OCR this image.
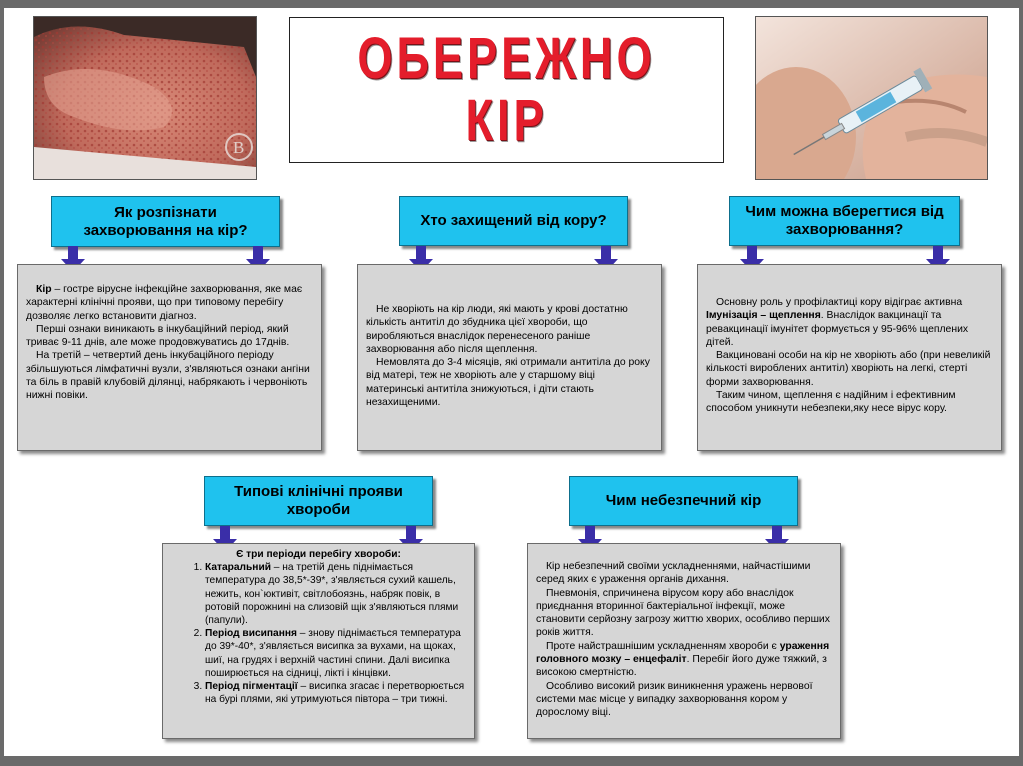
B
ОБЕРЕЖНО
КІР
Як розпізнати захворювання на кір?
Хто захищений від кору?
Чим можна вберегтися від захворювання?
Типові клінічні прояви хвороби
Чим небезпечний кір

Кір – гостре вірусне інфекційне захворювання, яке має характерні клінічні прояви, що при типовому перебігу дозволяє легко встановити діагноз.

Перші ознаки виникають в інкубаційний період, який триває 9-11 днів, але може продовжуватись до 17днів.

На третій – четвертий день інкубаційного періоду збільшуються лімфатичні вузли, з'являються ознаки ангіни та біль в правій клубовій ділянці, набрякають і червоніють нижні повіки.

Не хворіють на кір люди, які мають у крові достатню кількість антитіл до збудника цієї хвороби, що виробляються внаслідок перенесеного раніше захворювання або після щеплення.

Немовлята до 3-4 місяців, які отримали антитіла до року від матері, теж не хворіють але у старшому віці материнські антитіла знижуються, і діти стають незахищеними.

Основну роль у профілактиці кору відіграє активна Імунізація – щеплення. Внаслідок вакцинації та ревакцинації імунітет формується у 95-96% щеплених дітей.

Вакциновані особи на кір не хворіють або (при невеликій кількості вироблених антитіл) хворіють на легкі, стерті форми захворювання.

Таким чином, щеплення є надійним і ефективним способом уникнути небезпеки,яку несе вірус кору.

Є три періоди перебігу хвороби:
1. Катаральний – на третій день піднімається температура до 38,5*-39*, з'являється сухий кашель, нежить, кон`юктивіт, світлобоязнь, набряк повік, в ротовій порожнині на слизовій щік з'являються плями (папули).
2. Період висипання – знову піднімається температура до 39*-40*, з'являється висипка за вухами, на щоках, шиї, на грудях і верхній частині спини. Далі висипка поширюється на сідниці, лікті і кінцівки.
3. Період пігментації – висипка згасає і перетворюється на бурі плями, які утримуються півтора – три тижні.

Кір небезпечний своїми ускладненнями, найчастішими серед яких є ураження органів дихання.

Пневмонія, спричинена вірусом кору або внаслідок приєднання вторинної бактеріальної інфекції, може становити серйозну загрозу життю хворих, особливо перших років життя.

Проте найстрашнішим ускладненням хвороби є ураження головного мозку – енцефаліт. Перебіг його дуже тяжкий, з високою смертністю.

Особливо високий ризик виникнення уражень нервової системи має місце у випадку захворювання кором у дорослому віці.
